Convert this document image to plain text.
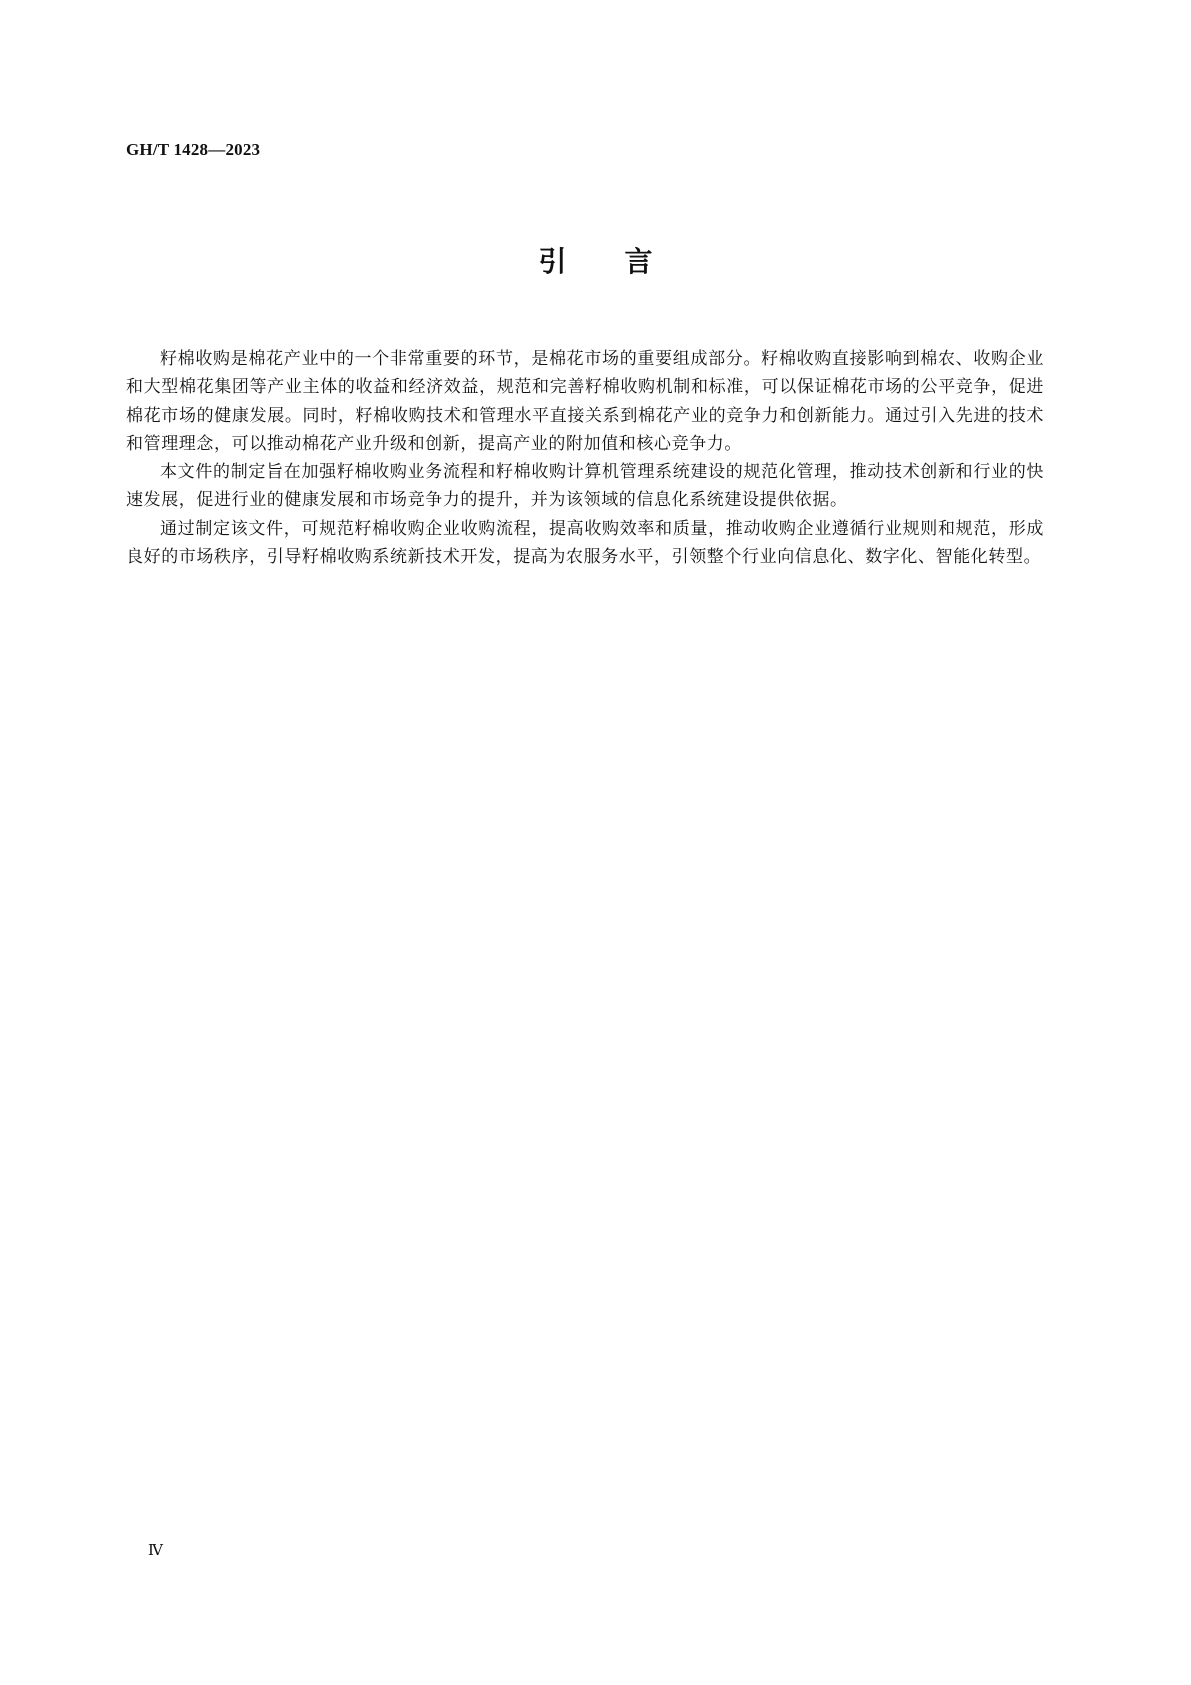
GH/T 1428—2023
引言

籽棉收购是棉花产业中的一个非常重要的环节，是棉花市场的重要组成部分。籽棉收购直接影响到棉农、收购企业和大型棉花集团等产业主体的收益和经济效益，规范和完善籽棉收购机制和标准，可以保证棉花市场的公平竞争，促进棉花市场的健康发展。同时，籽棉收购技术和管理水平直接关系到棉花产业的竞争力和创新能力。通过引入先进的技术和管理理念，可以推动棉花产业升级和创新，提高产业的附加值和核心竞争力。

本文件的制定旨在加强籽棉收购业务流程和籽棉收购计算机管理系统建设的规范化管理，推动技术创新和行业的快速发展，促进行业的健康发展和市场竞争力的提升，并为该领域的信息化系统建设提供依据。

通过制定该文件，可规范籽棉收购企业收购流程，提高收购效率和质量，推动收购企业遵循行业规则和规范，形成良好的市场秩序，引导籽棉收购系统新技术开发，提高为农服务水平，引领整个行业向信息化、数字化、智能化转型。

Ⅳ
